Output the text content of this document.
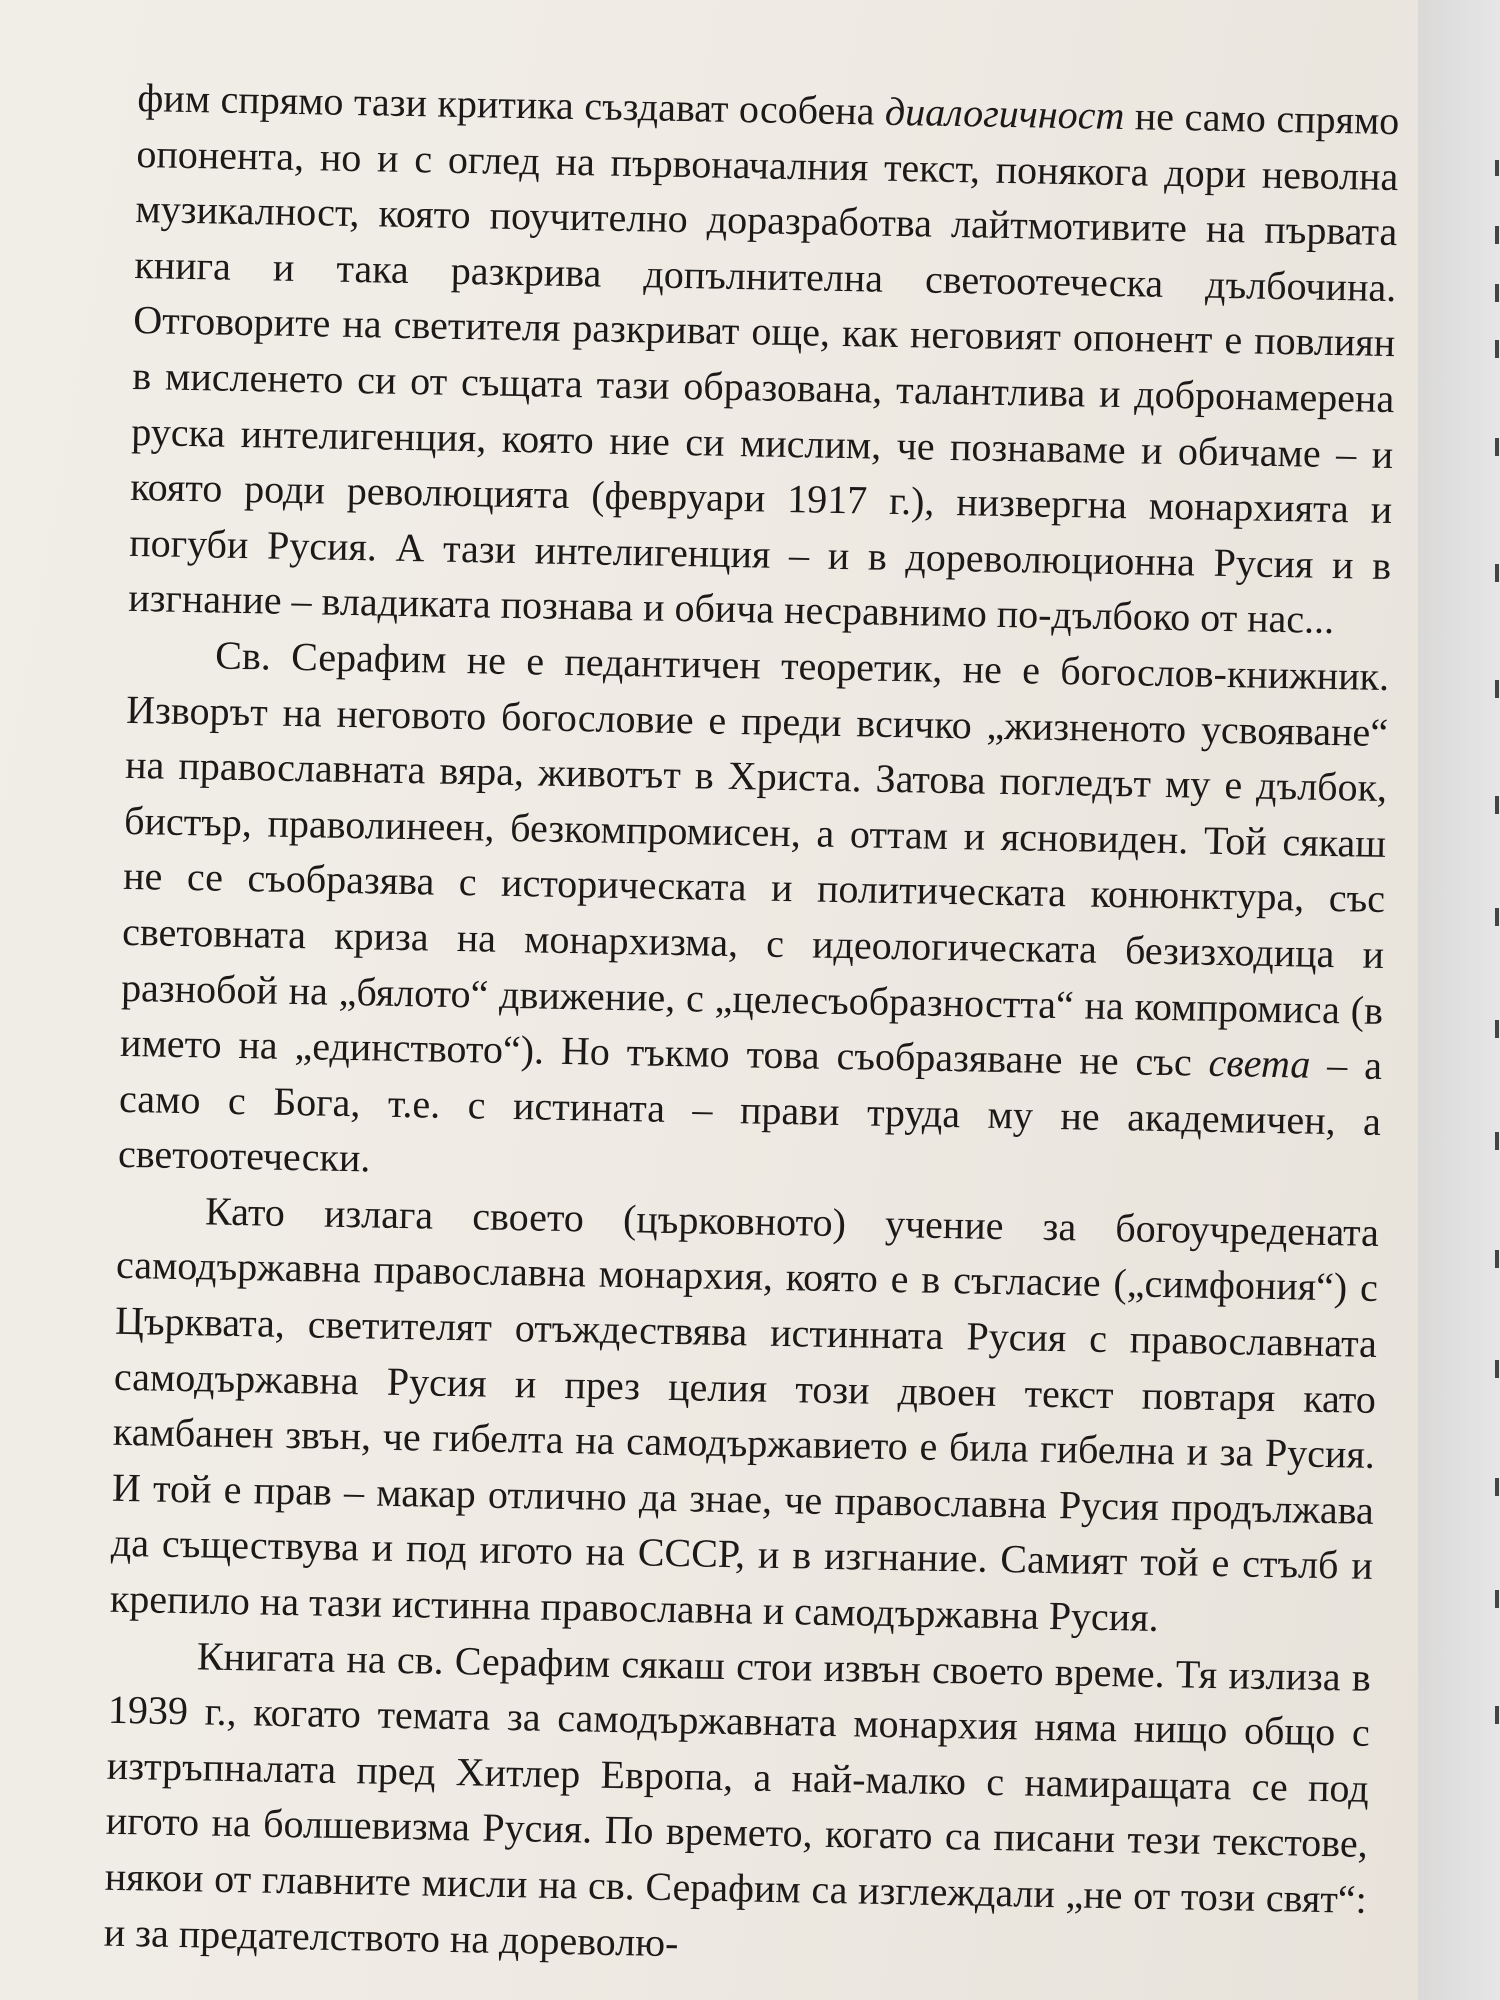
фим спрямо тази критика създават особена диалогичност не само спрямо опонента, но и с оглед на първоначалния текст, понякога дори неволна музикалност, която поучително доразработва лайтмотивите на първата книга и така разкрива допълнителна светоотеческа дълбочина. Отговорите на светителя разкриват още, как неговият опонент е повлиян в мисленето си от същата тази образована, талантлива и добронамерена руска интелигенция, която ние си мислим, че познаваме и обичаме – и която роди революцията (февруари 1917 г.), низвергна монархията и погуби Русия. А тази интелигенция – и в дореволюционна Русия и в изгнание – владиката познава и обича несравнимо по-дълбоко от нас...

Св. Серафим не е педантичен теоретик, не е богослов-книжник. Изворът на неговото богословие е преди всичко „жизненото усвояване“ на православната вяра, животът в Христа. Затова погледът му е дълбок, бистър, праволинеен, безкомпромисен, а оттам и ясновиден. Той сякаш не се съобразява с историческата и политическата конюнктура, със световната криза на монархизма, с идеологическата безизходица и разнобой на „бялото“ движение, с „целесъобразността“ на компромиса (в името на „единството“). Но тъкмо това съобразяване не със света – а само с Бога, т.е. с истината – прави труда му не академичен, а светоотечески.

Като излага своето (църковното) учение за богоучредената самодържавна православна монархия, която е в съгласие („симфония“) с Църквата, светителят отъждествява истинната Русия с православната самодържавна Русия и през целия този двоен текст повтаря като камбанен звън, че гибелта на самодържавието е била гибелна и за Русия. И той е прав – макар отлично да знае, че православна Русия продължава да съществува и под игото на СССР, и в изгнание. Самият той е стълб и крепило на тази истинна православна и самодържавна Русия.

Книгата на св. Серафим сякаш стои извън своето време. Тя излиза в 1939 г., когато темата за самодържавната монархия няма нищо общо с изтръпналата пред Хитлер Европа, а най-малко с намиращата се под игото на болшевизма Русия. По времето, когато са писани тези текстове, някои от главните мисли на св. Серафим са изглеждали „не от този свят“: и за предателството на дореволю-
